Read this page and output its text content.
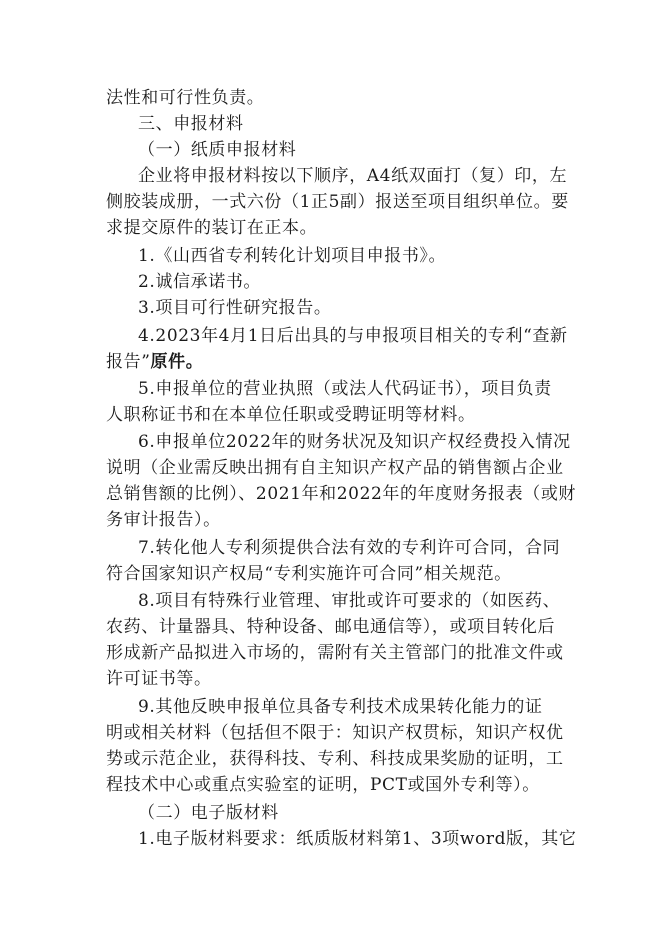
法性和可行性负责。
三、申报材料
（一）纸质申报材料
企业将申报材料按以下顺序，A4纸双面打（复）印，左
侧胶装成册，一式六份（1正5副）报送至项目组织单位。要
求提交原件的装订在正本。
1.《山西省专利转化计划项目申报书》。
2.诚信承诺书。
3.项目可行性研究报告。
4.2023年4月1日后出具的与申报项目相关的专利“查新
报告”原件。
5.申报单位的营业执照（或法人代码证书），项目负责
人职称证书和在本单位任职或受聘证明等材料。
6.申报单位2022年的财务状况及知识产权经费投入情况
说明（企业需反映出拥有自主知识产权产品的销售额占企业
总销售额的比例）、2021年和2022年的年度财务报表（或财
务审计报告）。
7.转化他人专利须提供合法有效的专利许可合同，合同
符合国家知识产权局“专利实施许可合同”相关规范。
8.项目有特殊行业管理、审批或许可要求的（如医药、
农药、计量器具、特种设备、邮电通信等），或项目转化后
形成新产品拟进入市场的，需附有关主管部门的批准文件或
许可证书等。
9.其他反映申报单位具备专利技术成果转化能力的证
明或相关材料（包括但不限于：知识产权贯标，知识产权优
势或示范企业，获得科技、专利、科技成果奖励的证明，工
程技术中心或重点实验室的证明，PCT或国外专利等）。
（二）电子版材料
1.电子版材料要求：纸质版材料第1、3项word版，其它
